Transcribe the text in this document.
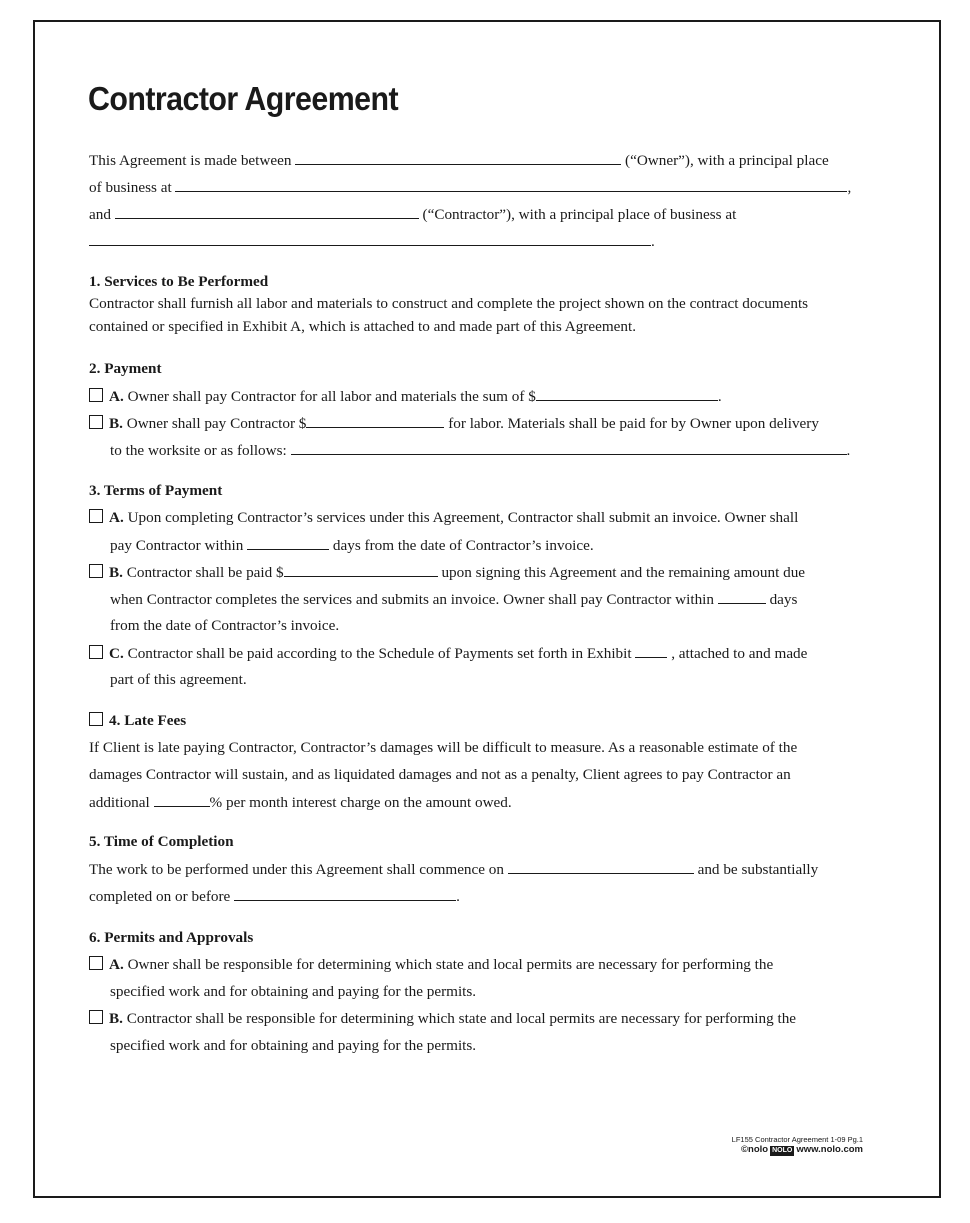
Contractor Agreement
This Agreement is made between	(“Owner”), with a principal place
of business at	,
and	(“Contractor”), with a principal place of business at
.
1. Services to Be Performed
Contractor shall furnish all labor and materials to construct and complete the project shown on the contract documents
contained or specified in Exhibit A, which is attached to and made part of this Agreement.
2. Payment
A. Owner shall pay Contractor for all labor and materials the sum of $	.
B. Owner shall pay Contractor $	for labor. Materials shall be paid for by Owner upon delivery
to the worksite or as follows:	.
3. Terms of Payment
A. Upon completing Contractor’s services under this Agreement, Contractor shall submit an invoice. Owner shall
pay Contractor within	days from the date of Contractor’s invoice.
B. Contractor shall be paid $	upon signing this Agreement and the remaining amount due
when Contractor completes the services and submits an invoice. Owner shall pay Contractor within	days
from the date of Contractor’s invoice.
C. Contractor shall be paid according to the Schedule of Payments set forth in Exhibit	, attached to and made
part of this agreement.
4. Late Fees
If Client is late paying Contractor, Contractor’s damages will be difficult to measure. As a reasonable estimate of the
damages Contractor will sustain, and as liquidated damages and not as a penalty, Client agrees to pay Contractor an
additional	% per month interest charge on the amount owed.
5. Time of Completion
The work to be performed under this Agreement shall commence on	and be substantially
completed on or before	.
6. Permits and Approvals
A. Owner shall be responsible for determining which state and local permits are necessary for performing the
specified work and for obtaining and paying for the permits.
B. Contractor shall be responsible for determining which state and local permits are necessary for performing the
specified work and for obtaining and paying for the permits.
LF155 Contractor Agreement 1-09 Pg.1
©nolo NOLO www.nolo.com
